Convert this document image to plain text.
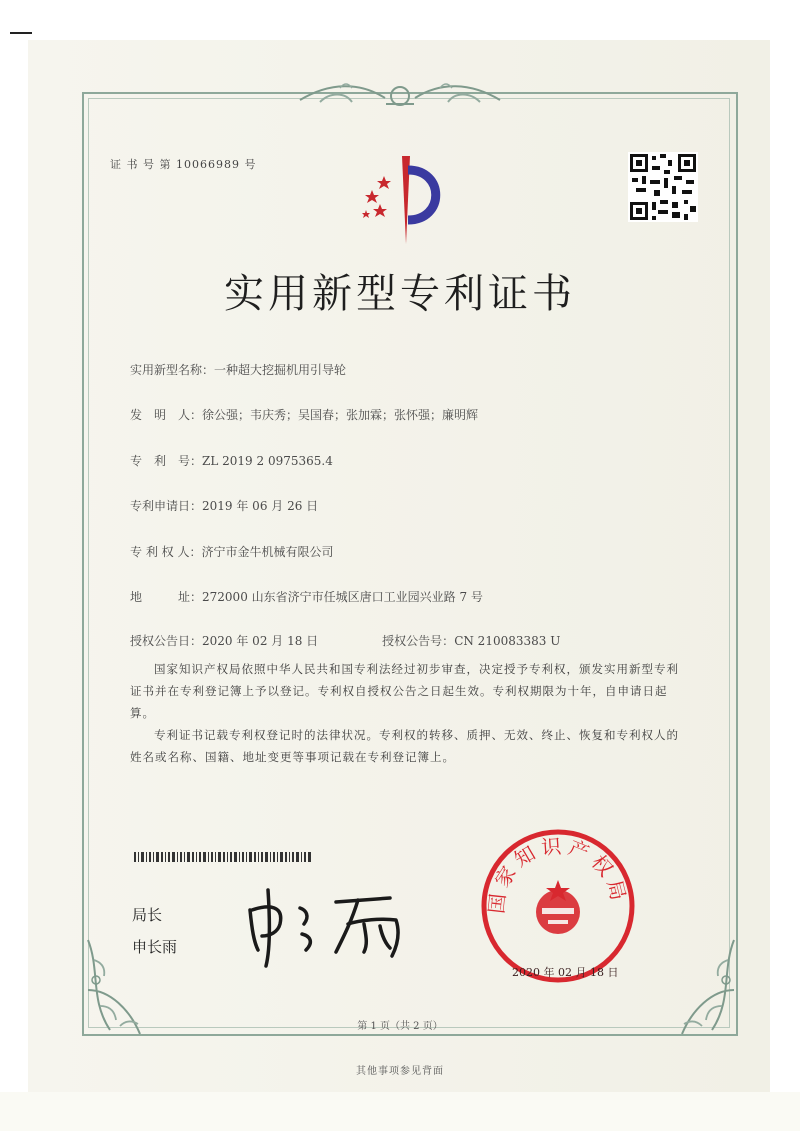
证 书 号 第 10066989 号
实用新型专利证书
实用新型名称：一种超大挖掘机用引导轮
发　明　人：徐公强；韦庆秀；吴国春；张加霖；张怀强；廉明辉
专　利　号：ZL 2019 2 0975365.4
专利申请日：2019 年 06 月 26 日
专 利 权 人：济宁市金牛机械有限公司
地　　　址：272000 山东省济宁市任城区唐口工业园兴业路 7 号
授权公告日：2020 年 02 月 18 日	授权公告号：CN 210083383 U
国家知识产权局依照中华人民共和国专利法经过初步审查，决定授予专利权，颁发实用新型专利证书并在专利登记簿上予以登记。专利权自授权公告之日起生效。专利权期限为十年，自申请日起算。
专利证书记载专利权登记时的法律状况。专利权的转移、质押、无效、终止、恢复和专利权人的姓名或名称、国籍、地址变更等事项记载在专利登记簿上。
局长
申长雨
国家知识产权局
2020 年 02 月 18 日
第 1 页（共 2 页）
其他事项参见背面
